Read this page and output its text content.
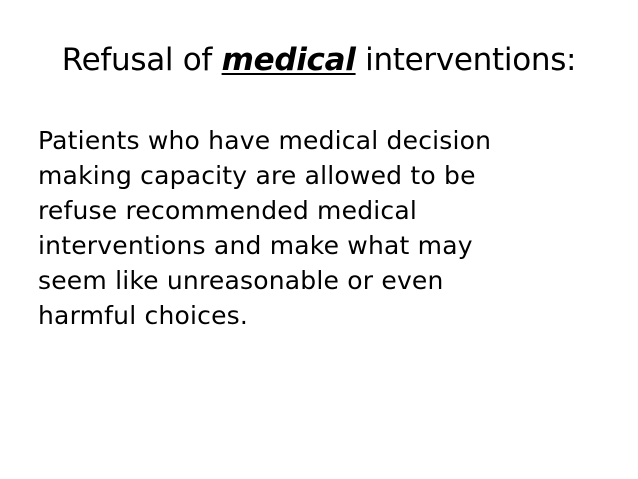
Refusal of medical interventions:
Patients who have medical decision
making capacity are allowed to be
refuse recommended medical
interventions and make what may
seem like unreasonable or even
harmful choices.
